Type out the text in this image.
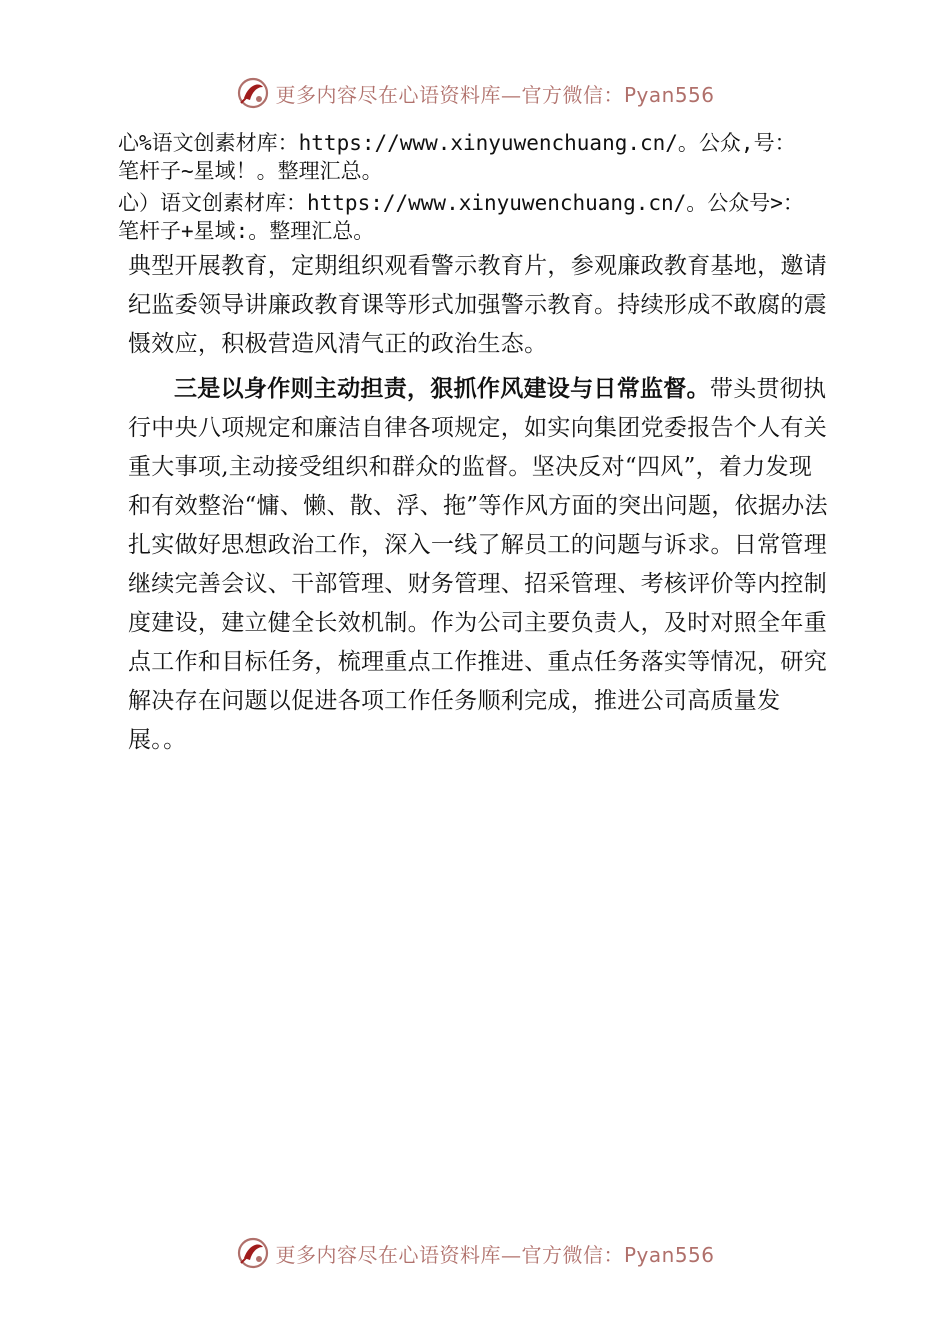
更多内容尽在心语资料库—官方微信：Pyan556
心%语文创素材库：https://www.xinyuwenchuang.cn/。公众,号：
笔杆子~星域！。整理汇总。
心）语文创素材库：https://www.xinyuwenchuang.cn/。公众号>：
笔杆子+星域:。整理汇总。

典型开展教育，定期组织观看警示教育片，参观廉政教育基地，邀请纪监委领导讲廉政教育课等形式加强警示教育。持续形成不敢腐的震慑效应，积极营造风清气正的政治生态。

三是以身作则主动担责，狠抓作风建设与日常监督。带头贯彻执行中央八项规定和廉洁自律各项规定，如实向集团党委报告个人有关重大事项,主动接受组织和群众的监督。坚决反对“四风”，着力发现和有效整治“慵、懒、散、浮、拖”等作风方面的突出问题，依据办法扎实做好思想政治工作，深入一线了解员工的问题与诉求。日常管理继续完善会议、干部管理、财务管理、招采管理、考核评价等内控制度建设，建立健全长效机制。作为公司主要负责人，及时对照全年重点工作和目标任务，梳理重点工作推进、重点任务落实等情况，研究解决存在问题以促进各项工作任务顺利完成，推进公司高质量发展。。

更多内容尽在心语资料库—官方微信：Pyan556
